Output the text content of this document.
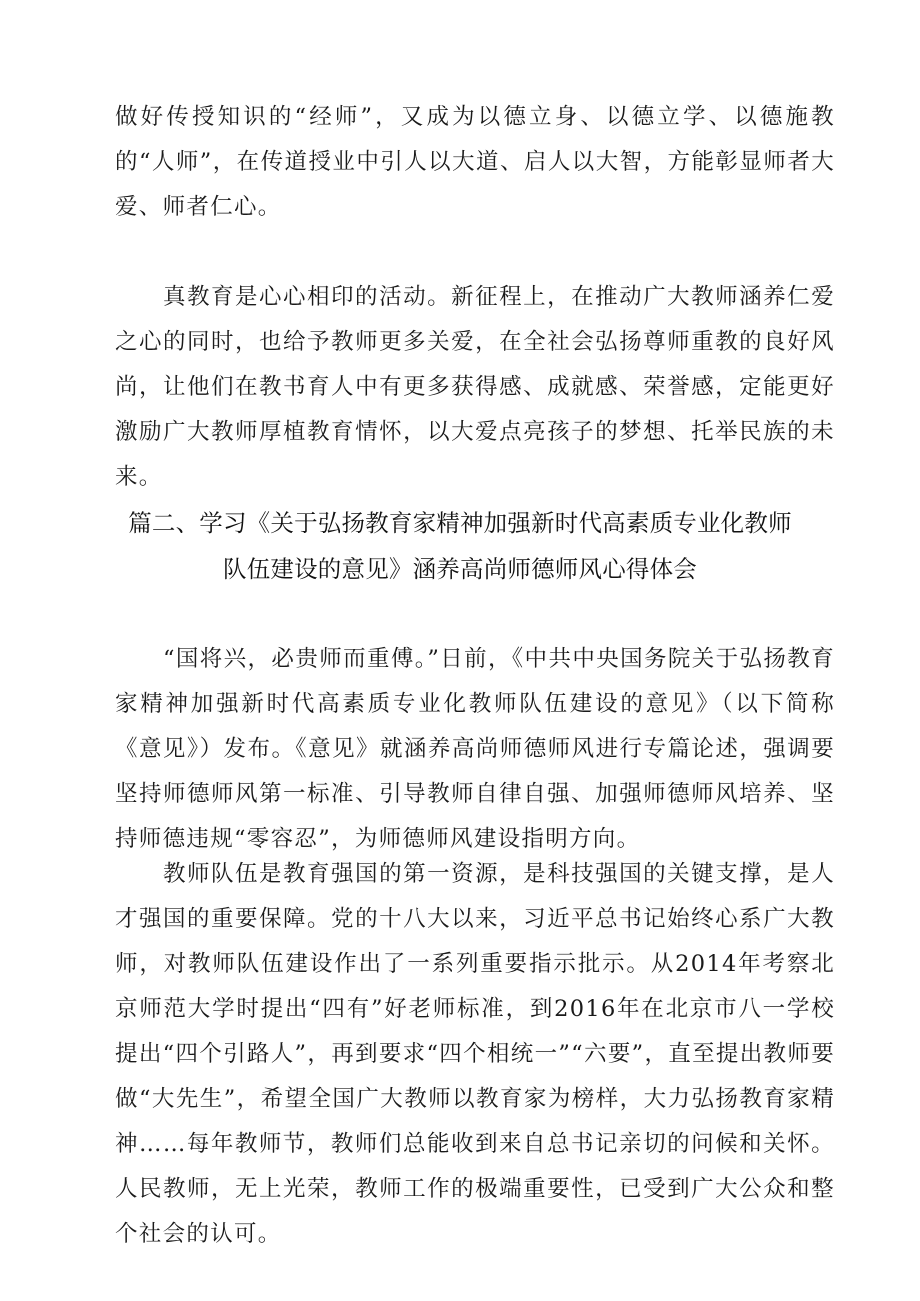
做好传授知识的“经师”，又成为以德立身、以德立学、以德施教的“人师”，在传道授业中引人以大道、启人以大智，方能彰显师者大爱、师者仁心。

真教育是心心相印的活动。新征程上，在推动广大教师涵养仁爱之心的同时，也给予教师更多关爱，在全社会弘扬尊师重教的良好风尚，让他们在教书育人中有更多获得感、成就感、荣誉感，定能更好激励广大教师厚植教育情怀，以大爱点亮孩子的梦想、托举民族的未来。

篇二、学习《关于弘扬教育家精神加强新时代高素质专业化教师
队伍建设的意见》涵养高尚师德师风心得体会

“国将兴，必贵师而重傅。”日前，《中共中央国务院关于弘扬教育家精神加强新时代高素质专业化教师队伍建设的意见》（以下简称《意见》）发布。《意见》就涵养高尚师德师风进行专篇论述，强调要坚持师德师风第一标准、引导教师自律自强、加强师德师风培养、坚持师德违规“零容忍”，为师德师风建设指明方向。

教师队伍是教育强国的第一资源，是科技强国的关键支撑，是人才强国的重要保障。党的十八大以来，习近平总书记始终心系广大教师，对教师队伍建设作出了一系列重要指示批示。从2014年考察北京师范大学时提出“四有”好老师标准，到2016年在北京市八一学校提出“四个引路人”，再到要求“四个相统一”“六要”，直至提出教师要做“大先生”，希望全国广大教师以教育家为榜样，大力弘扬教育家精神……每年教师节，教师们总能收到来自总书记亲切的问候和关怀。人民教师，无上光荣，教师工作的极端重要性，已受到广大公众和整个社会的认可。
